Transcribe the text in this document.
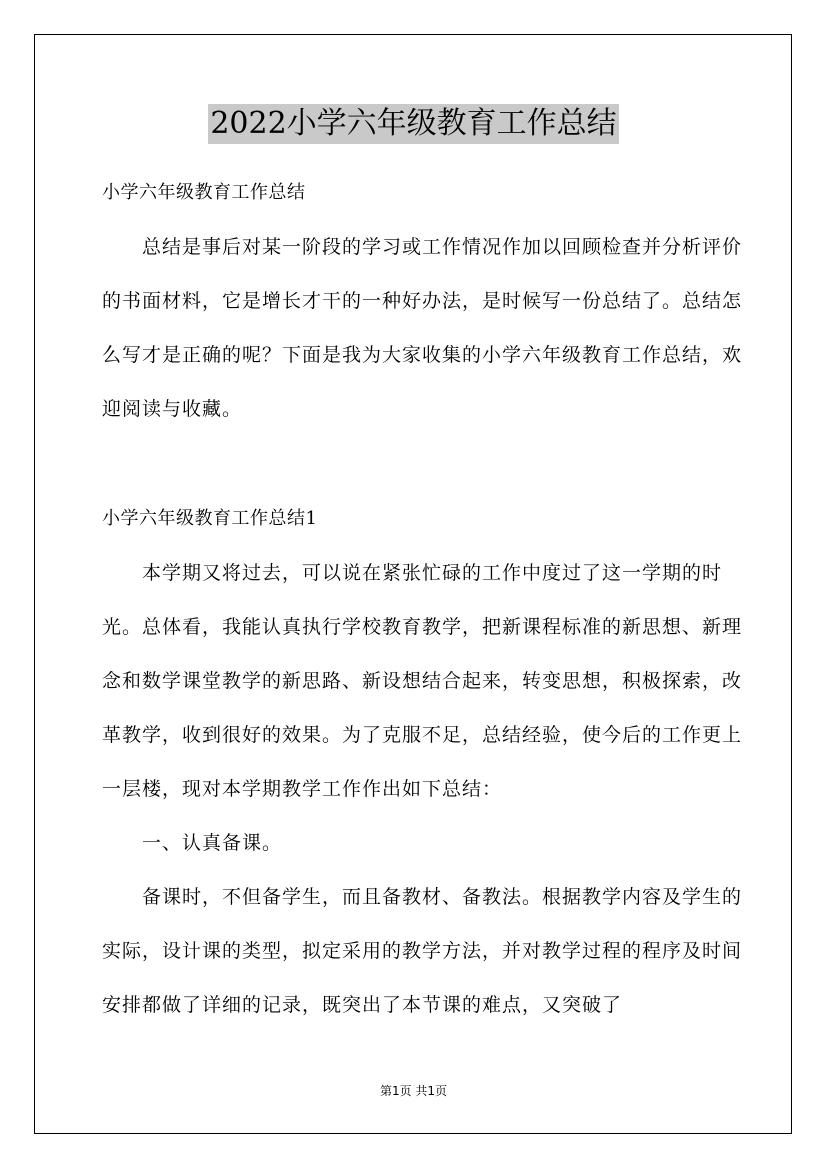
2022小学六年级教育工作总结
小学六年级教育工作总结
总结是事后对某一阶段的学习或工作情况作加以回顾检查并分析评价的书面材料，它是增长才干的一种好办法，是时候写一份总结了。总结怎么写才是正确的呢？下面是我为大家收集的小学六年级教育工作总结，欢迎阅读与收藏。
小学六年级教育工作总结1
本学期又将过去，可以说在紧张忙碌的工作中度过了这一学期的时光。总体看，我能认真执行学校教育教学，把新课程标准的新思想、新理念和数学课堂教学的新思路、新设想结合起来，转变思想，积极探索，改革教学，收到很好的效果。为了克服不足，总结经验，使今后的工作更上一层楼，现对本学期教学工作作出如下总结：
一、认真备课。
备课时，不但备学生，而且备教材、备教法。根据教学内容及学生的实际，设计课的类型，拟定采用的教学方法，并对教学过程的程序及时间安排都做了详细的记录，既突出了本节课的难点，又突破了
第1页 共1页
